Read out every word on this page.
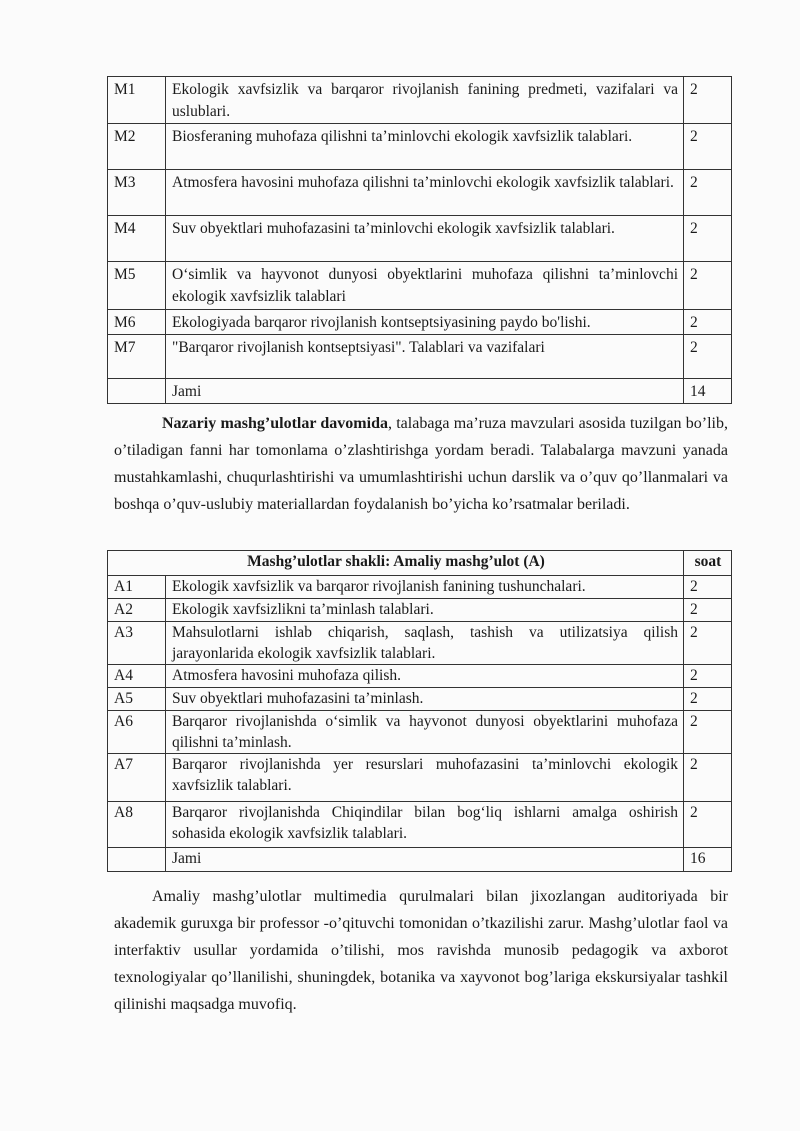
M1	Ekologik xavfsizlik va barqaror rivojlanish fanining predmeti, vazifalari va uslublari.	2
M2	Biosferaning muhofaza qilishni ta’minlovchi ekologik xavfsizlik talablari.	2
M3	Atmosfera havosini muhofaza qilishni ta’minlovchi ekologik xavfsizlik talablari.	2
M4	Suv obyektlari muhofazasini ta’minlovchi ekologik xavfsizlik talablari.	2
M5	O‘simlik va hayvonot dunyosi obyektlarini muhofaza qilishni ta’minlovchi ekologik xavfsizlik talablari	2
M6	Ekologiyada barqaror rivojlanish kontseptsiyasining paydo bo'lishi.	2
M7	"Barqaror rivojlanish kontseptsiyasi". Talablari va vazifalari	2
	Jami	14

Nazariy mashg’ulotlar davomida, talabaga ma’ruza mavzulari asosida tuzilgan bo’lib, o’tiladigan fanni har tomonlama o’zlashtirishga yordam beradi. Talabalarga mavzuni yanada mustahkamlashi, chuqurlashtirishi va umumlashtirishi uchun darslik va o’quv qo’llanmalari va boshqa o’quv-uslubiy materiallardan foydalanish bo’yicha ko’rsatmalar beriladi.

Mashg’ulotlar shakli: Amaliy mashg’ulot (A)		soat
A1	Ekologik xavfsizlik va barqaror rivojlanish fanining tushunchalari.	2
A2	Ekologik xavfsizlikni ta’minlash talablari.	2
A3	Mahsulotlarni ishlab chiqarish, saqlash, tashish va utilizatsiya qilish jarayonlarida ekologik xavfsizlik talablari.	2
A4	Atmosfera havosini muhofaza qilish.	2
A5	Suv obyektlari muhofazasini ta’minlash.	2
A6	Barqaror rivojlanishda o‘simlik va hayvonot dunyosi obyektlarini muhofaza qilishni ta’minlash.	2
A7	Barqaror rivojlanishda yer resurslari muhofazasini ta’minlovchi ekologik xavfsizlik talablari.	2
A8	Barqaror rivojlanishda Chiqindilar bilan bog‘liq ishlarni amalga oshirish sohasida ekologik xavfsizlik talablari.	2
	Jami	16

Amaliy mashg’ulotlar multimedia qurulmalari bilan jixozlangan auditoriyada bir akademik guruxga bir professor -o’qituvchi tomonidan o’tkazilishi zarur. Mashg’ulotlar faol va interfaktiv usullar yordamida o’tilishi, mos ravishda munosib pedagogik va axborot texnologiyalar qo’llanilishi, shuningdek, botanika va xayvonot bog’lariga ekskursiyalar tashkil qilinishi maqsadga muvofiq.
